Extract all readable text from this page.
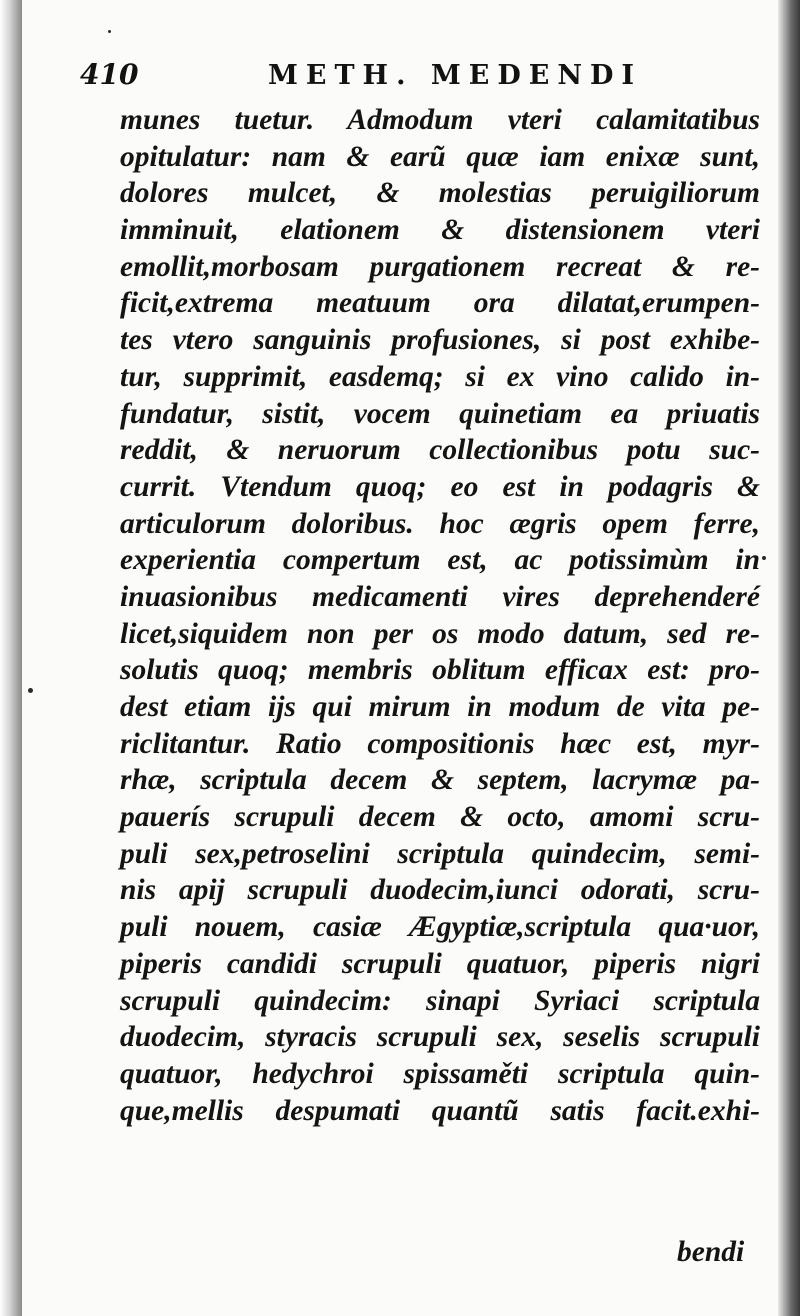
410	METH. MEDENDI
munes tuetur. Admodum vteri calamitatibus
opitulatur: nam & earũ quæ iam enixæ sunt,
dolores mulcet, & molestias peruigiliorum
imminuit, elationem & distensionem vteri
emollit,morbosam purgationem recreat & re-
ficit,extrema meatuum ora dilatat,erumpen-
tes vtero sanguinis profusiones, si post exhibe-
tur, supprimit, easdemq; si ex vino calido in-
fundatur, sistit, vocem quinetiam ea priuatis
reddit, & neruorum collectionibus potu suc-
currit. Vtendum quoq; eo est in podagris &
articulorum doloribus. hoc ægris opem ferre,
experientia compertum est, ac potissimùm in
inuasionibus medicamenti vires deprehenderé
licet,siquidem non per os modo datum, sed re-
solutis quoq; membris oblitum efficax est: pro-
dest etiam ijs qui mirum in modum de vita pe-
riclitantur. Ratio compositionis hæc est, myr-
rhæ, scriptula decem & septem, lacrymæ pa-
pauerís scrupuli decem & octo, amomi scru-
puli sex,petroselini scriptula quindecim, semi-
nis apij scrupuli duodecim,iunci odorati, scru-
puli nouem, casiæ Ægyptiæ,scriptula qua·uor,
piperis candidi scrupuli quatuor, piperis nigri
scrupuli quindecim: sinapi Syriaci scriptula
duodecim, styracis scrupuli sex, seselis scrupuli
quatuor, hedychroi spissaměti scriptula quin-
que,mellis despumati quantũ satis facit.exhi-
bendi
